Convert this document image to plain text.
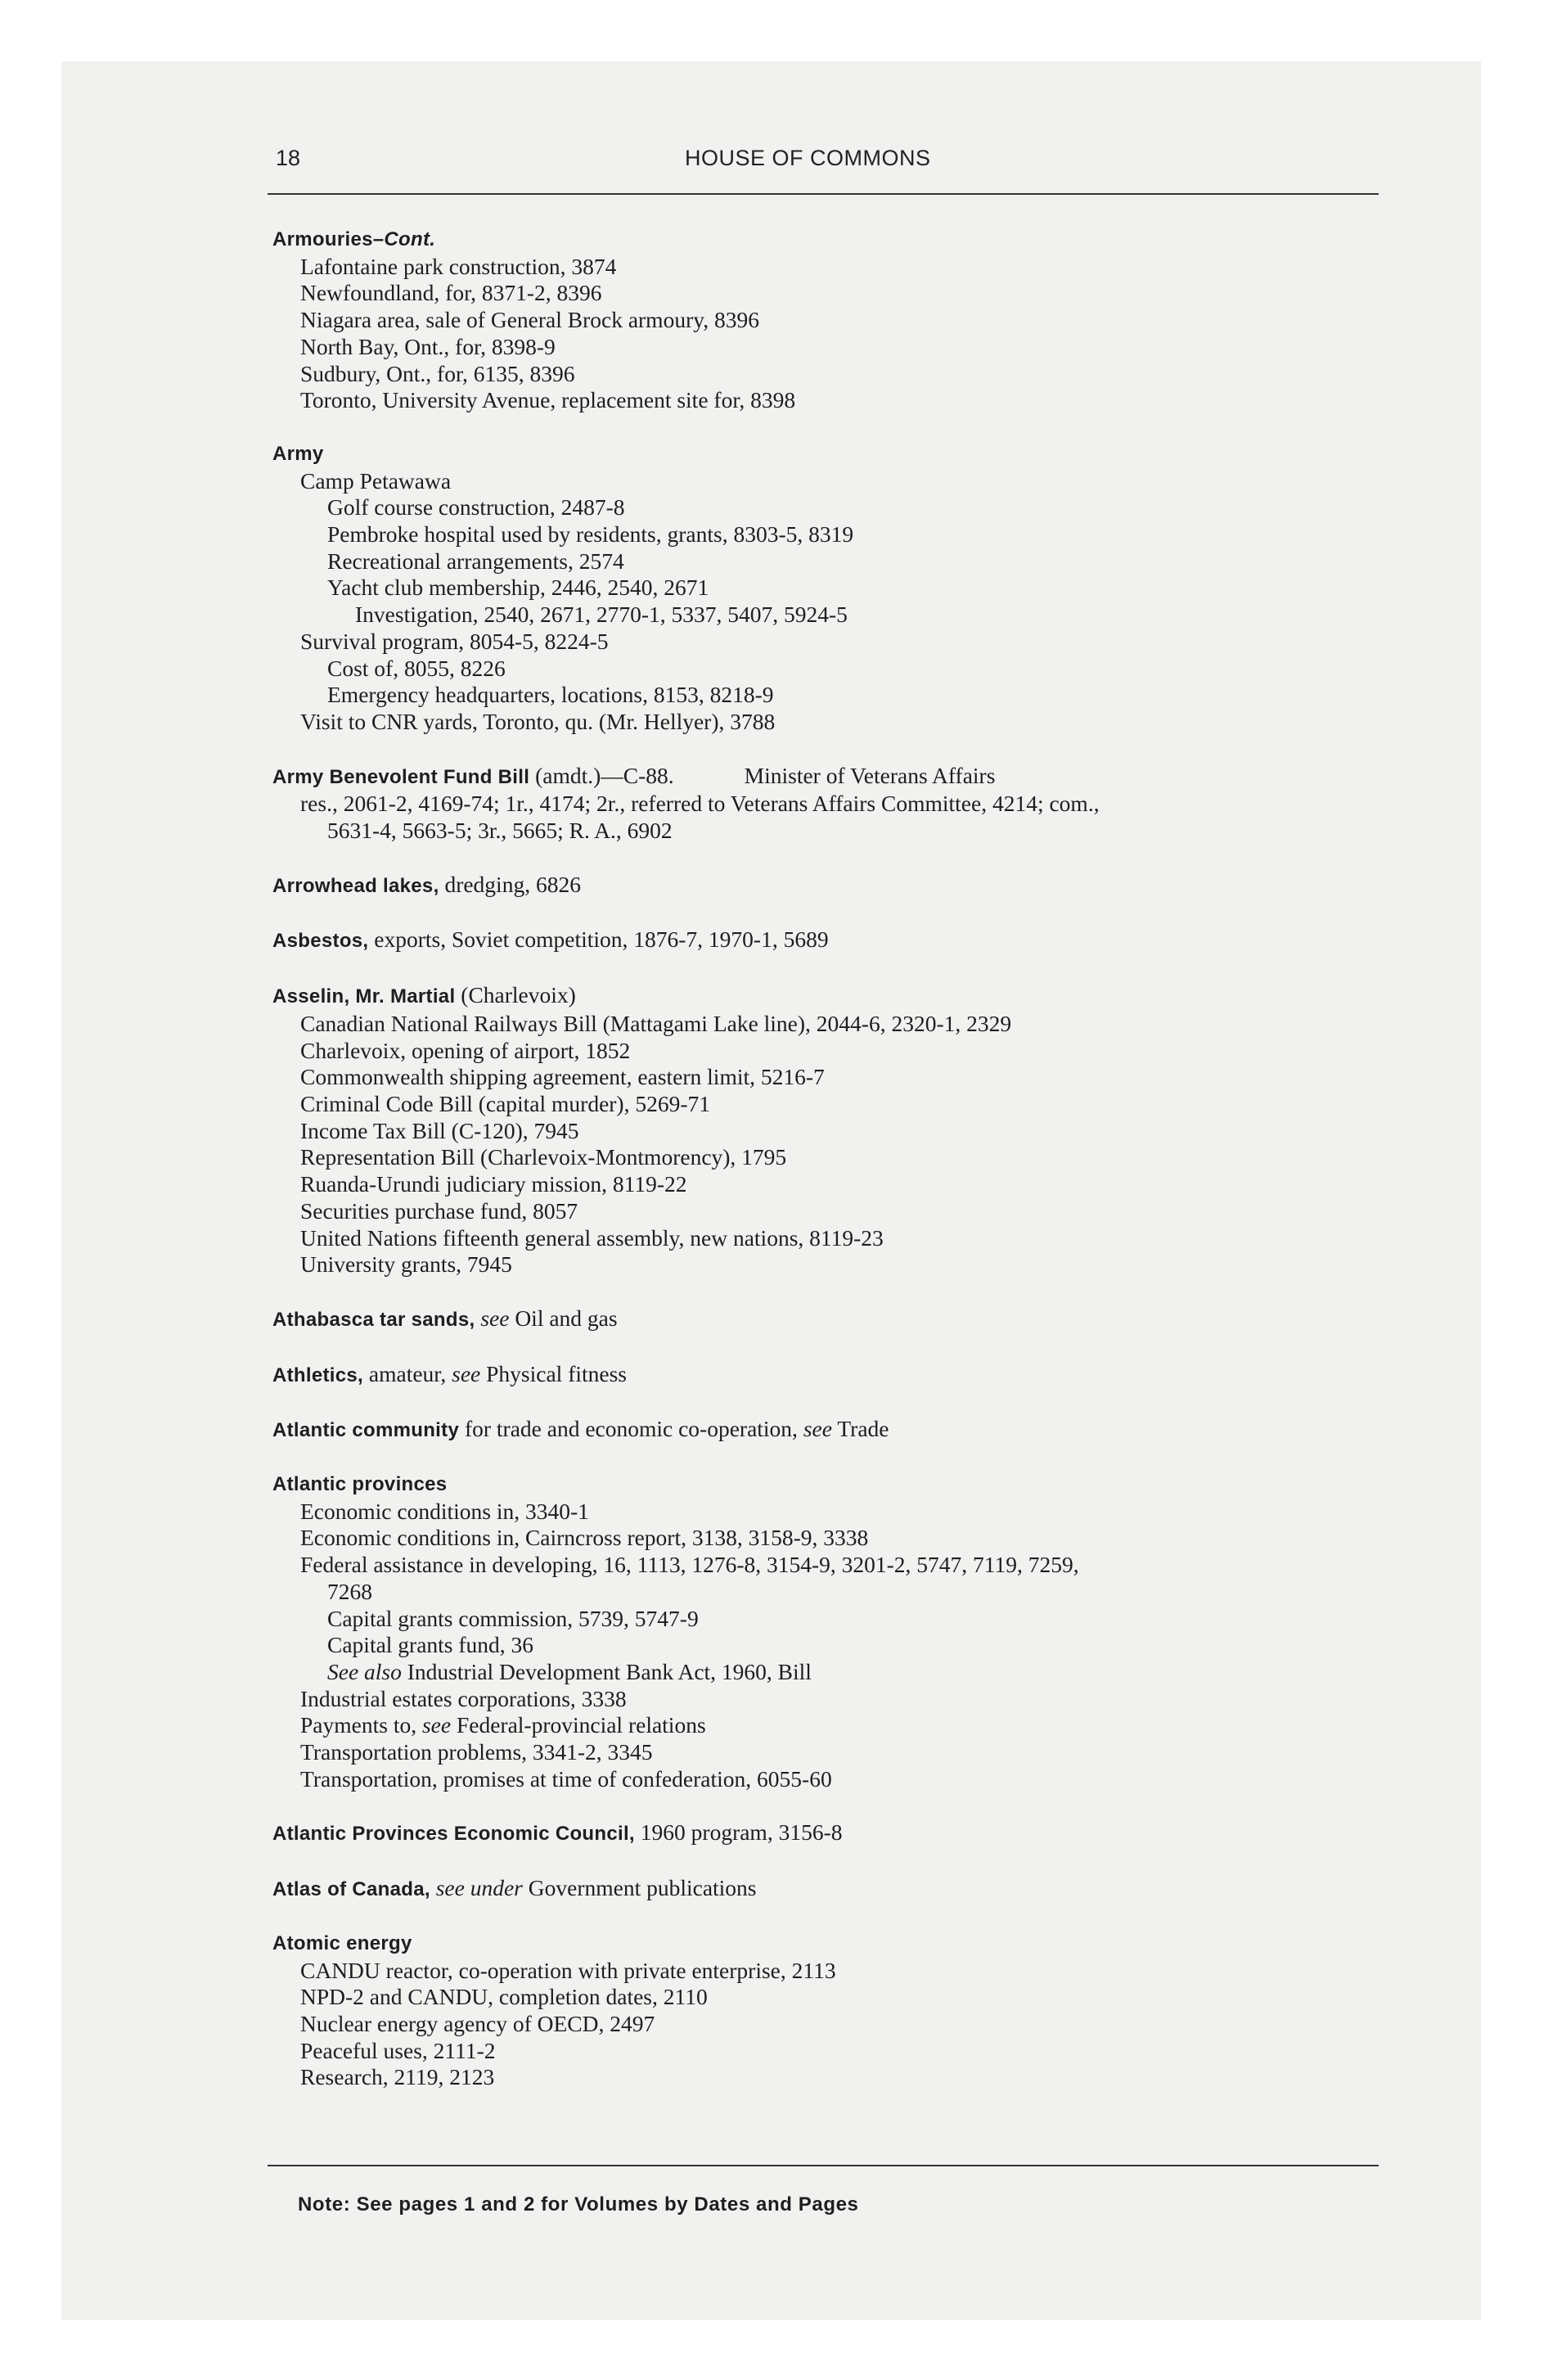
18	HOUSE OF COMMONS
Armouries–Cont.
Lafontaine park construction, 3874
Newfoundland, for, 8371-2, 8396
Niagara area, sale of General Brock armoury, 8396
North Bay, Ont., for, 8398-9
Sudbury, Ont., for, 6135, 8396
Toronto, University Avenue, replacement site for, 8398
Army
Camp Petawawa
Golf course construction, 2487-8
Pembroke hospital used by residents, grants, 8303-5, 8319
Recreational arrangements, 2574
Yacht club membership, 2446, 2540, 2671
Investigation, 2540, 2671, 2770-1, 5337, 5407, 5924-5
Survival program, 8054-5, 8224-5
Cost of, 8055, 8226
Emergency headquarters, locations, 8153, 8218-9
Visit to CNR yards, Toronto, qu. (Mr. Hellyer), 3788
Army Benevolent Fund Bill (amdt.)—C-88.	Minister of Veterans Affairs
res., 2061-2, 4169-74; 1r., 4174; 2r., referred to Veterans Affairs Committee, 4214; com.,
5631-4, 5663-5; 3r., 5665; R. A., 6902
Arrowhead lakes, dredging, 6826
Asbestos, exports, Soviet competition, 1876-7, 1970-1, 5689
Asselin, Mr. Martial (Charlevoix)
Canadian National Railways Bill (Mattagami Lake line), 2044-6, 2320-1, 2329
Charlevoix, opening of airport, 1852
Commonwealth shipping agreement, eastern limit, 5216-7
Criminal Code Bill (capital murder), 5269-71
Income Tax Bill (C-120), 7945
Representation Bill (Charlevoix-Montmorency), 1795
Ruanda-Urundi judiciary mission, 8119-22
Securities purchase fund, 8057
United Nations fifteenth general assembly, new nations, 8119-23
University grants, 7945
Athabasca tar sands, see Oil and gas
Athletics, amateur, see Physical fitness
Atlantic community for trade and economic co-operation, see Trade
Atlantic provinces
Economic conditions in, 3340-1
Economic conditions in, Cairncross report, 3138, 3158-9, 3338
Federal assistance in developing, 16, 1113, 1276-8, 3154-9, 3201-2, 5747, 7119, 7259,
7268
Capital grants commission, 5739, 5747-9
Capital grants fund, 36
See also Industrial Development Bank Act, 1960, Bill
Industrial estates corporations, 3338
Payments to, see Federal-provincial relations
Transportation problems, 3341-2, 3345
Transportation, promises at time of confederation, 6055-60
Atlantic Provinces Economic Council, 1960 program, 3156-8
Atlas of Canada, see under Government publications
Atomic energy
CANDU reactor, co-operation with private enterprise, 2113
NPD-2 and CANDU, completion dates, 2110
Nuclear energy agency of OECD, 2497
Peaceful uses, 2111-2
Research, 2119, 2123
Note: See pages 1 and 2 for Volumes by Dates and Pages
